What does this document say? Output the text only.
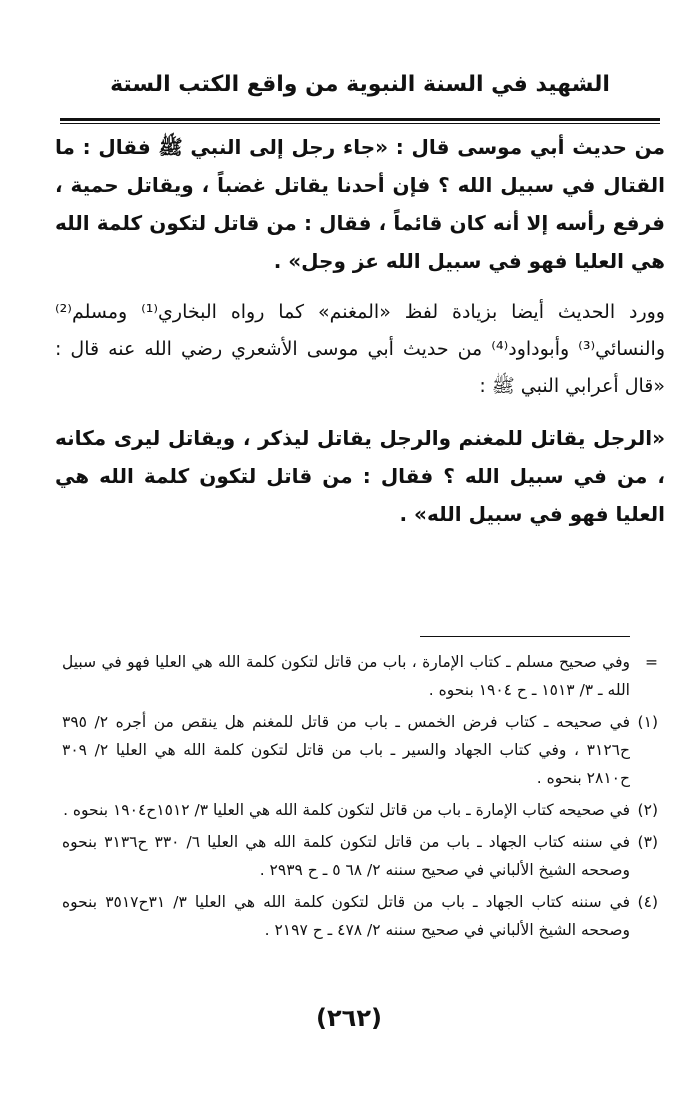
الشهيد في السنة النبوية من واقع الكتب الستة

من حديث أبي موسى قال : «جاء رجل إلى النبي ﷺ فقال : ما القتال في سبيل الله ؟ فإن أحدنا يقاتل غضباً ، ويقاتل حمية ، فرفع رأسه إلا أنه كان قائماً ، فقال : من قاتل لتكون كلمة الله هي العليا فهو في سبيل الله عز وجل» .

وورد الحديث أيضا بزيادة لفظ «المغنم» كما رواه البخاري⁽¹⁾ ومسلم⁽²⁾ والنسائي⁽³⁾ وأبوداود⁽⁴⁾ من حديث أبي موسى الأشعري رضي الله عنه قال : «قال أعرابي النبي ﷺ :

«الرجل يقاتل للمغنم والرجل يقاتل ليذكر ، ويقاتل ليرى مكانه ، من في سبيل الله ؟ فقال : من قاتل لتكون كلمة الله هي العليا فهو في سبيل الله» .

=
وفي صحيح مسلم ـ كتاب الإمارة ، باب من قاتل لتكون كلمة الله هي العليا فهو في سبيل الله ـ ٣/ ١٥١٣ ـ ح ١٩٠٤ بنحوه .

(١)
في صحيحه ـ كتاب فرض الخمس ـ باب من قاتل للمغنم هل ينقص من أجره ٢/ ٣٩٥ ح٣١٢٦ ، وفي كتاب الجهاد والسير ـ باب من قاتل لتكون كلمة الله هي العليا ٢/ ٣٠٩ ح٢٨١٠ بنحوه .

(٢)
في صحيحه كتاب الإمارة ـ باب من قاتل لتكون كلمة الله هي العليا ٣/ ١٥١٢ح١٩٠٤ بنحوه .

(٣)
في سننه كتاب الجهاد ـ باب من قاتل لتكون كلمة الله هي العليا ٦/ ٣٣٠ ح٣١٣٦ بنحوه وصححه الشيخ الألباني في صحيح سننه ٢/ ٦٨ ٥ ـ ح ٢٩٣٩ .

(٤)
في سننه كتاب الجهاد ـ باب من قاتل لتكون كلمة الله هي العليا ٣/ ٣١ح٣٥١٧ بنحوه وصححه الشيخ الألباني في صحيح سننه ٢/ ٤٧٨ ـ ح ٢١٩٧ .

(٢٦٢)
